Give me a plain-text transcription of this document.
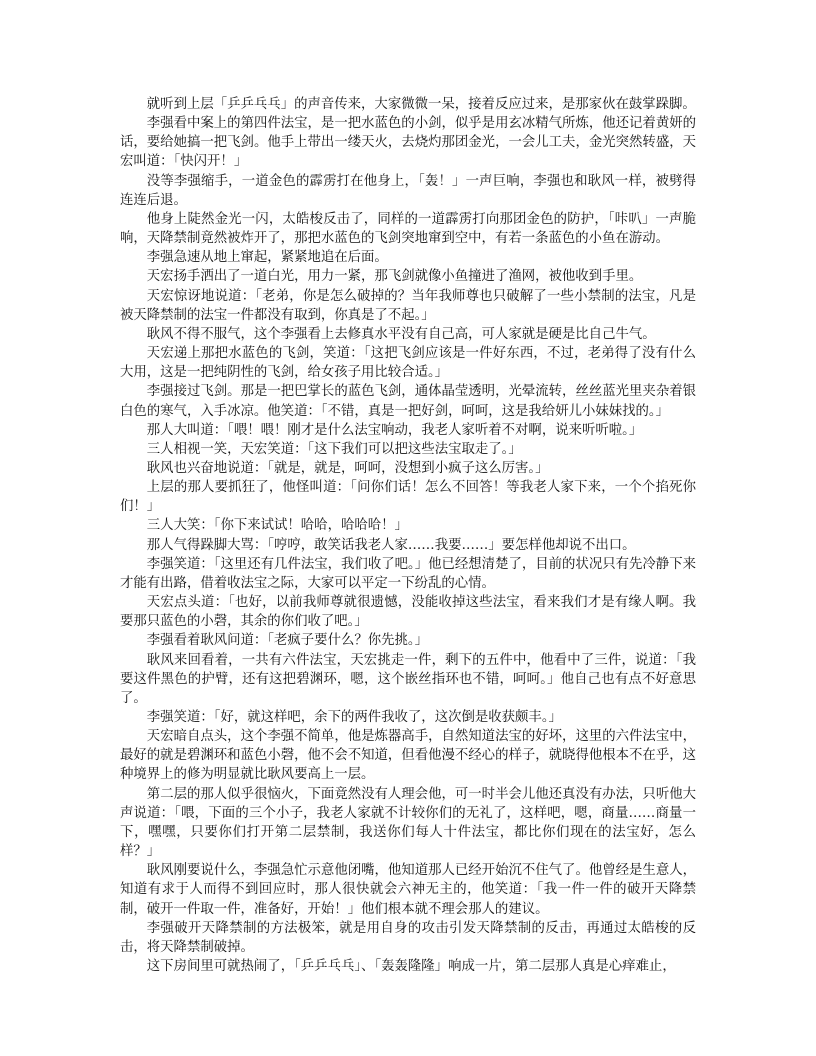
就听到上层「乒乒乓乓」的声音传来，大家微微一呆，接着反应过来，是那家伙在鼓掌跺脚。

李强看中案上的第四件法宝，是一把水蓝色的小剑，似乎是用玄冰精气所炼，他还记着黄妍的话，要给她搞一把飞剑。他手上带出一缕天火，去烧灼那团金光，一会儿工夫，金光突然转盛，天宏叫道：「快闪开！」

没等李强缩手，一道金色的霹雳打在他身上，「轰！」一声巨响，李强也和耿风一样，被劈得连连后退。

他身上陡然金光一闪，太皓梭反击了，同样的一道霹雳打向那团金色的防护，「咔叭」一声脆响，天降禁制竟然被炸开了，那把水蓝色的飞剑突地窜到空中，有若一条蓝色的小鱼在游动。

李强急速从地上窜起，紧紧地追在后面。

天宏扬手洒出了一道白光，用力一紧，那飞剑就像小鱼撞进了渔网，被他收到手里。

天宏惊讶地说道：「老弟，你是怎么破掉的？当年我师尊也只破解了一些小禁制的法宝，凡是被天降禁制的法宝一件都没有取到，你真是了不起。」

耿风不得不服气，这个李强看上去修真水平没有自己高，可人家就是硬是比自己牛气。

天宏递上那把水蓝色的飞剑，笑道：「这把飞剑应该是一件好东西，不过，老弟得了没有什么大用，这是一把纯阴性的飞剑，给女孩子用比较合适。」

李强接过飞剑。那是一把巴掌长的蓝色飞剑，通体晶莹透明，光晕流转，丝丝蓝光里夹杂着银白色的寒气，入手冰凉。他笑道：「不错，真是一把好剑，呵呵，这是我给妍儿小妹妹找的。」

那人大叫道：「喂！喂！刚才是什么法宝响动，我老人家听着不对啊，说来听听啦。」

三人相视一笑，天宏笑道：「这下我们可以把这些法宝取走了。」

耿风也兴奋地说道：「就是，就是，呵呵，没想到小疯子这么厉害。」

上层的那人要抓狂了，他怪叫道：「问你们话！怎么不回答！等我老人家下来，一个个掐死你们！」

三人大笑：「你下来试试！哈哈，哈哈哈！」

那人气得跺脚大骂：「哼哼，敢笑话我老人家……我要……」要怎样他却说不出口。

李强笑道：「这里还有几件法宝，我们收了吧。」他已经想清楚了，目前的状况只有先冷静下来才能有出路，借着收法宝之际，大家可以平定一下纷乱的心情。

天宏点头道：「也好，以前我师尊就很遗憾，没能收掉这些法宝，看来我们才是有缘人啊。我要那只蓝色的小磬，其余的你们收了吧。」

李强看着耿风问道：「老疯子要什么？你先挑。」

耿风来回看着，一共有六件法宝，天宏挑走一件，剩下的五件中，他看中了三件，说道：「我要这件黑色的护臂，还有这把碧渊环，嗯，这个嵌丝指环也不错，呵呵。」他自己也有点不好意思了。

李强笑道：「好，就这样吧，余下的两件我收了，这次倒是收获颇丰。」

天宏暗自点头，这个李强不简单，他是炼器高手，自然知道法宝的好坏，这里的六件法宝中，最好的就是碧渊环和蓝色小磬，他不会不知道，但看他漫不经心的样子，就晓得他根本不在乎，这种境界上的修为明显就比耿风要高上一层。

第二层的那人似乎很恼火，下面竟然没有人理会他，可一时半会儿他还真没有办法，只听他大声说道：「喂，下面的三个小子，我老人家就不计较你们的无礼了，这样吧，嗯，商量……商量一下，嘿嘿，只要你们打开第二层禁制，我送你们每人十件法宝，都比你们现在的法宝好，怎么样？」

耿风刚要说什么，李强急忙示意他闭嘴，他知道那人已经开始沉不住气了。他曾经是生意人，知道有求于人而得不到回应时，那人很快就会六神无主的，他笑道：「我一件一件的破开天降禁制，破开一件取一件，准备好，开始！」他们根本就不理会那人的建议。

李强破开天降禁制的方法极笨，就是用自身的攻击引发天降禁制的反击，再通过太皓梭的反击，将天降禁制破掉。

这下房间里可就热闹了，「乒乒乓乓」、「轰轰隆隆」响成一片，第二层那人真是心痒难止，
